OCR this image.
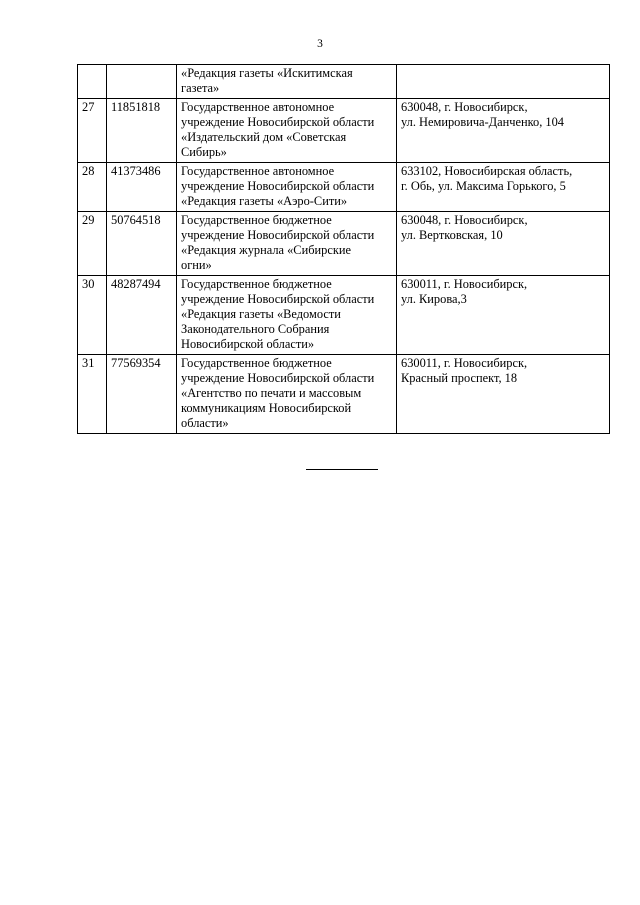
3
		«Редакция газеты «Искитимская
газета»	
27	11851818	Государственное автономное
учреждение Новосибирской области
«Издательский дом «Советская
Сибирь»	630048, г. Новосибирск,
ул. Немировича-Данченко, 104
28	41373486	Государственное автономное
учреждение Новосибирской области
«Редакция газеты «Аэро-Сити»	633102, Новосибирская область,
г. Обь, ул. Максима Горького, 5
29	50764518	Государственное бюджетное
учреждение Новосибирской области
«Редакция журнала «Сибирские
огни»	630048, г. Новосибирск,
ул. Вертковская, 10
30	48287494	Государственное бюджетное
учреждение Новосибирской области
«Редакция газеты «Ведомости
Законодательного Собрания
Новосибирской области»	630011, г. Новосибирск,
ул. Кирова,3
31	77569354	Государственное бюджетное
учреждение Новосибирской области
«Агентство по печати и массовым
коммуникациям Новосибирской
области»	630011, г. Новосибирск,
Красный проспект, 18
